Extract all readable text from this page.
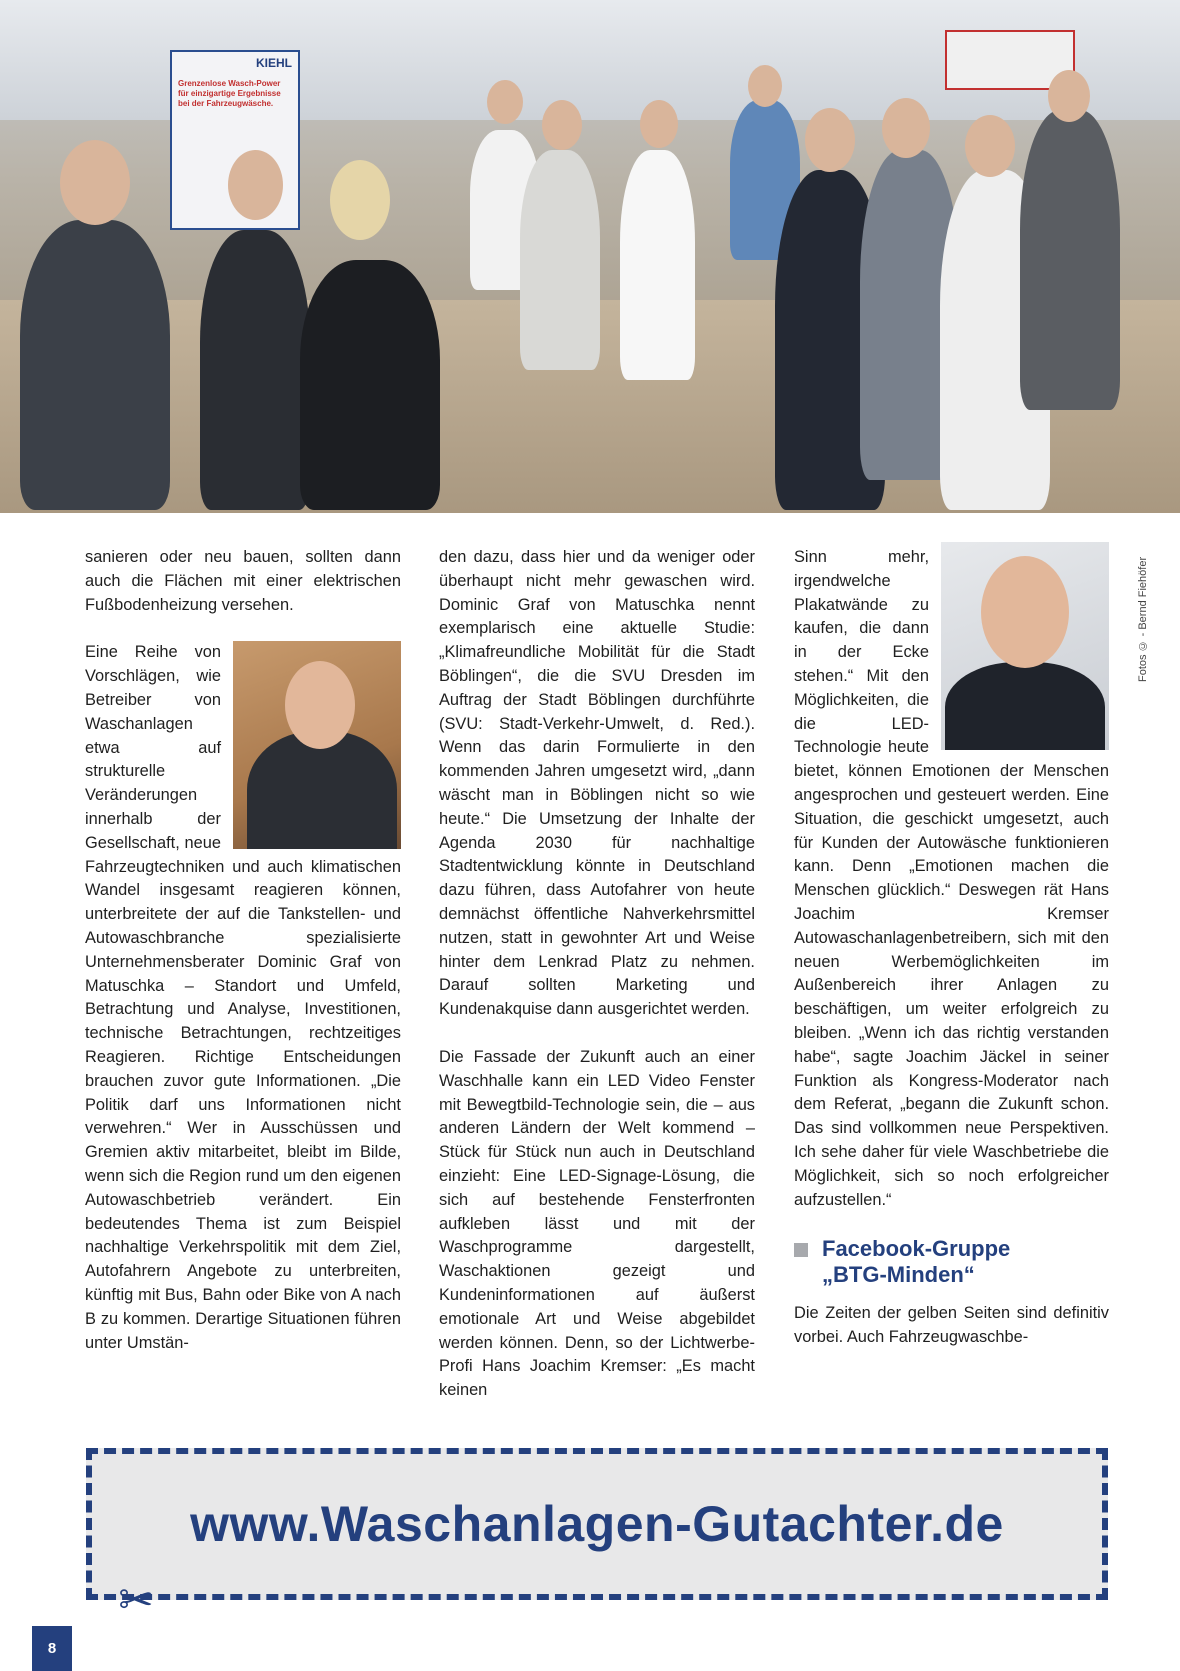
KIEHL
Grenzenlose Wasch-Power für einzigartige Ergebnisse bei der Fahrzeugwäsche.
Fotos © - Bernd Fiehöfer

sanieren oder neu bauen, sollten dann auch die Flächen mit einer elektrischen Fußbodenheizung versehen.

Eine Reihe von Vorschlägen, wie Betreiber von Waschanlagen etwa auf strukturelle Veränderungen innerhalb der Gesellschaft, neue Fahrzeugtechniken und auch klimatischen Wandel insgesamt reagieren können, unterbreitete der auf die Tankstellen- und Autowaschbranche spezialisierte Unternehmensberater Dominic Graf von Matuschka – Standort und Umfeld, Betrachtung und Analyse, Investitionen, technische Betrachtungen, rechtzeitiges Reagieren. Richtige Entscheidungen brauchen zuvor gute Informationen. „Die Politik darf uns Informationen nicht verwehren.“ Wer in Ausschüssen und Gremien aktiv mitarbeitet, bleibt im Bilde, wenn sich die Region rund um den eigenen Autowaschbetrieb verändert. Ein bedeutendes Thema ist zum Beispiel nachhaltige Verkehrspolitik mit dem Ziel, Autofahrern Angebote zu unterbreiten, künftig mit Bus, Bahn oder Bike von A nach B zu kommen. Derartige Situationen führen unter Umstän-

den dazu, dass hier und da weniger oder überhaupt nicht mehr gewaschen wird. Dominic Graf von Matuschka nennt exemplarisch eine aktuelle Studie: „Klimafreundliche Mobilität für die Stadt Böblingen“, die die SVU Dresden im Auftrag der Stadt Böblingen durchführte (SVU: Stadt-Verkehr-Umwelt, d. Red.). Wenn das darin Formulierte in den kommenden Jahren umgesetzt wird, „dann wäscht man in Böblingen nicht so wie heute.“ Die Umsetzung der Inhalte der Agenda 2030 für nachhaltige Stadtentwicklung könnte in Deutschland dazu führen, dass Autofahrer von heute demnächst öffentliche Nahverkehrsmittel nutzen, statt in gewohnter Art und Weise hinter dem Lenkrad Platz zu nehmen. Darauf sollten Marketing und Kundenakquise dann ausgerichtet werden.

Die Fassade der Zukunft auch an einer Waschhalle kann ein LED Video Fenster mit Bewegtbild-Technologie sein, die – aus anderen Ländern der Welt kommend – Stück für Stück nun auch in Deutschland einzieht: Eine LED-Signage-Lösung, die sich auf bestehende Fensterfronten aufkleben lässt und mit der Waschprogramme dargestellt, Waschaktionen gezeigt und Kundeninformationen auf äußerst emotionale Art und Weise abgebildet werden können. Denn, so der Lichtwerbe-Profi Hans Joachim Kremser: „Es macht keinen

Sinn mehr, irgendwelche Plakatwände zu kaufen, die dann in der Ecke stehen.“ Mit den Möglichkeiten, die die LED-Technologie heute bietet, können Emotionen der Menschen angesprochen und gesteuert werden. Eine Situation, die geschickt umgesetzt, auch für Kunden der Autowäsche funktionieren kann. Denn „Emotionen machen die Menschen glücklich.“ Deswegen rät Hans Joachim Kremser Autowaschanlagenbetreibern, sich mit den neuen Werbemöglichkeiten im Außenbereich ihrer Anlagen zu beschäftigen, um weiter erfolgreich zu bleiben. „Wenn ich das richtig verstanden habe“, sagte Joachim Jäckel in seiner Funktion als Kongress-Moderator nach dem Referat, „begann die Zukunft schon. Das sind vollkommen neue Perspektiven. Ich sehe daher für viele Waschbetriebe die Möglichkeit, sich so noch erfolgreicher aufzustellen.“

Facebook-Gruppe
„BTG-Minden“

Die Zeiten der gelben Seiten sind definitiv vorbei. Auch Fahrzeugwaschbe-

www.Waschanlagen-Gutachter.de
✂
8
